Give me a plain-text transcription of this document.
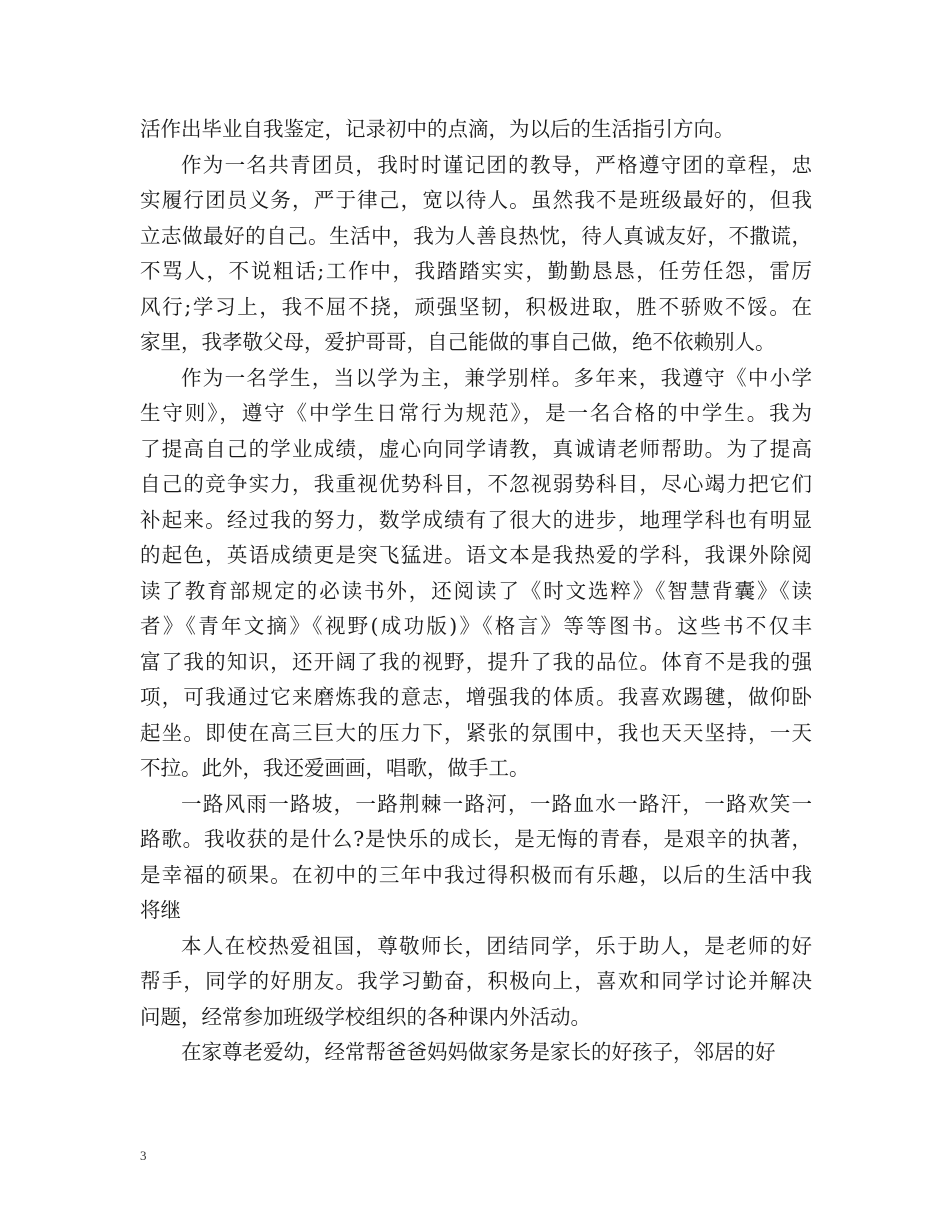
活作出毕业自我鉴定，记录初中的点滴，为以后的生活指引方向。
作为一名共青团员，我时时谨记团的教导，严格遵守团的章程，忠
实履行团员义务，严于律己，宽以待人。虽然我不是班级最好的，但我
立志做最好的自己。生活中，我为人善良热忱，待人真诚友好，不撒谎，
不骂人，不说粗话;工作中，我踏踏实实，勤勤恳恳，任劳任怨，雷厉
风行;学习上，我不屈不挠，顽强坚韧，积极进取，胜不骄败不馁。在
家里，我孝敬父母，爱护哥哥，自己能做的事自己做，绝不依赖别人。
作为一名学生，当以学为主，兼学别样。多年来，我遵守《中小学
生守则》，遵守《中学生日常行为规范》，是一名合格的中学生。我为
了提高自己的学业成绩，虚心向同学请教，真诚请老师帮助。为了提高
自己的竞争实力，我重视优势科目，不忽视弱势科目，尽心竭力把它们
补起来。经过我的努力，数学成绩有了很大的进步，地理学科也有明显
的起色，英语成绩更是突飞猛进。语文本是我热爱的学科，我课外除阅
读了教育部规定的必读书外，还阅读了《时文选粹》《智慧背囊》《读
者》《青年文摘》《视野(成功版)》《格言》等等图书。这些书不仅丰
富了我的知识，还开阔了我的视野，提升了我的品位。体育不是我的强
项，可我通过它来磨炼我的意志，增强我的体质。我喜欢踢毽，做仰卧
起坐。即使在高三巨大的压力下，紧张的氛围中，我也天天坚持，一天
不拉。此外，我还爱画画，唱歌，做手工。
一路风雨一路坡，一路荆棘一路河，一路血水一路汗，一路欢笑一
路歌。我收获的是什么?是快乐的成长，是无悔的青春，是艰辛的执著，
是幸福的硕果。在初中的三年中我过得积极而有乐趣，以后的生活中我
将继
本人在校热爱祖国，尊敬师长，团结同学，乐于助人，是老师的好
帮手，同学的好朋友。我学习勤奋，积极向上，喜欢和同学讨论并解决
问题，经常参加班级学校组织的各种课内外活动。
在家尊老爱幼，经常帮爸爸妈妈做家务是家长的好孩子，邻居的好
3
